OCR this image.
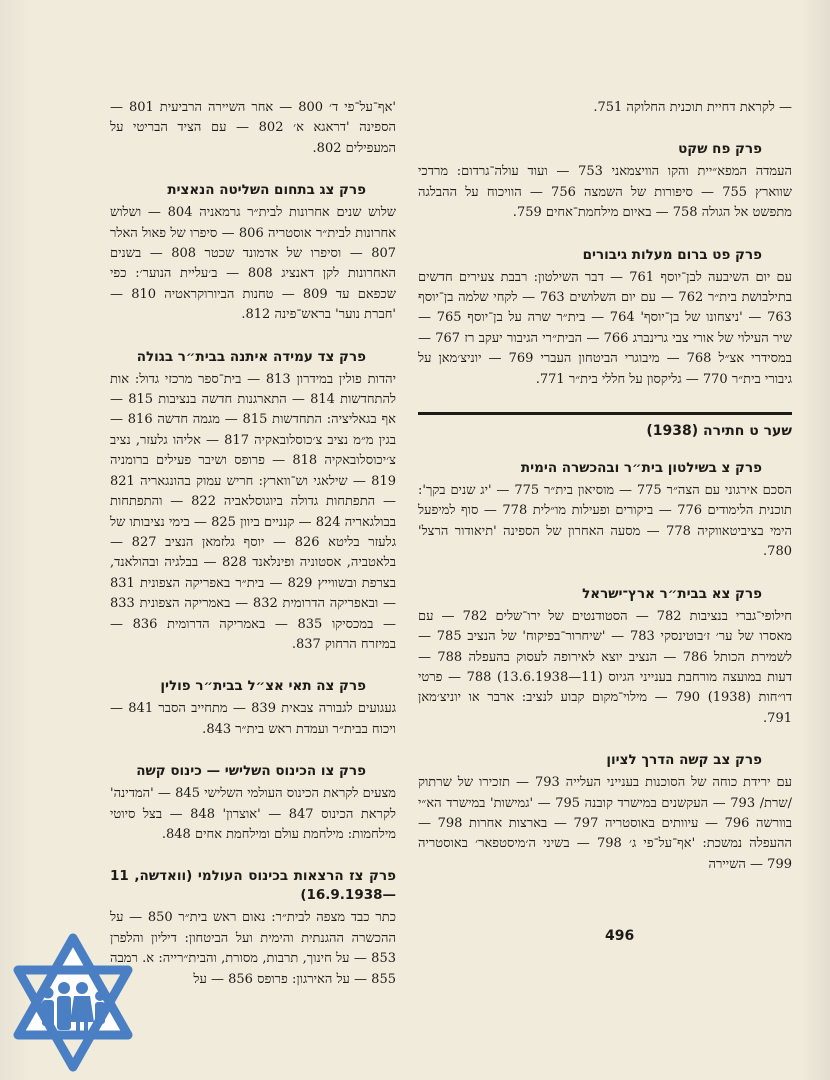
— לקראת דחיית תוכנית החלוקה 751.

פרק פח שקט

העמדה המפא״יית והקו הוויצמאני 753 — ועוד עולה־גרדום: מרדכי שווארץ 755 — סיפורות של השמצה 756 — הוויכוח על ההבלגה מתפשט אל הגולה 758 — באיום מילחמת־אחים 759.

פרק פט ברום מעלות גיבורים

עם יום השיבעה לבן־יוסף 761 — דבר השילטון: רבבת צעירים חדשים בתילבושת בית״ר 762 — עם יום השלושים 763 — לקחי שלמה בן־יוסף 763 — 'ניצחונו של בן־יוסף' 764 — בית״ר שרה על בן־יוסף 765 — שיר העילוי של אורי צבי גרינברג 766 — הבית״רי הגיבור יעקב רז 767 — במסידרי אצ״ל 768 — מיבוגרי הביטחון העברי 769 — יוניצ׳מאן על גיבורי בית״ר 770 — גליקסון על חללי בית״ר 771.

שער ט חתירה (1938)
פרק צ בשילטון בית״ר ובהכשרה הימית

הסכם אירגוני עם הצה״ר 775 — מוסיאון בית״ר 775 — 'יג שנים בקך': תוכנית הלימודים 776 — ביקורים ופעילות מו״לית 778 — סוף למיפעל הימי בציביטאווקיה 778 — מסעה האחרון של הספינה 'תיאודור הרצל' 780.

פרק צא בבית״ר ארץ־ישראל

חילופי־גברי בנציבות 782 — הסטודנטים של ירו־שלים 782 — עם מאסרו של ער׳ ז׳בוטינסקי 783 — 'שיחרור־בפיקוח' של הנציב 785 — לשמירת הכותל 786 — הנציב יוצא לאירופה לעסוק בהעפלה 788 — דעות במועצה מורחבת בענייני הגיוס (11—13.6.1938) 788 — פרטי דו״חות (1938) 790 — מילוי־מקום קבוע לנציב: ארבר או יוניצ׳מאן 791.

פרק צב קשה הדרך לציון

עם ירידת כוחה של הסוכנות בענייני העלייה 793 — תזכירו של שרתוק /שרת/ 793 — העקשנים במישרד קובנה 795 — 'גמישות' במישרד הא״י בוורשה 796 — עיוותים באוסטריה 797 — בארצות אחרות 798 — ההעפלה נמשכת: 'אף־על־פי ג׳ 798 — בשיני ה׳מיסטפאר׳ באוסטריה 799 — השיירה

'אף־על־פי ד׳ 800 — אחר השיירה הרביעית 801 — הספינה 'דראגא א׳ 802 — עם הציד הבריטי על המעפילים 802.

פרק צג בתחום השליטה הנאצית

שלוש שנים אחרונות לבית״ר גרמאניה 804 — ושלוש אחרונות לבית״ר אוסטריה 806 — סיפרו של פאול האלר 807 — וסיפרו של אדמונד שכטר 808 — בשנים האחרונות לקן דאנציג 808 — ב׳עליית הנוער׳: כפי שכפאם עד 809 — טחנות הביורוקראטיה 810 — 'חברת נוער' בראש־פינה 812.

פרק צד עמידה איתנה בבית״ר בגולה

יהדות פולין במידרון 813 — בית־ספר מרכזי גדול: אות להתחדשות 814 — התארגנות חדשה בנציבות 815 — אף בגאליציה: התחדשות 815 — מגמה חדשה 816 — בגין מ״מ נציב צ׳כוסלובאקיה 817 — אליהו גלעזר, נציב צ׳יכוסלובאקיה 818 — פרופס ושיבר פעילים ברומניה 819 — שילאגי וש־ווארץ: חריש עמוק בהונגאריה 821 — התפתחות גדולה ביוגוסלאביה 822 — והתפתחות בבולגאריה 824 — קנניים ביוון 825 — בימי נציבותו של גלעזר בליטא 826 — יוסף גלזמאן הנציב 827 — בלאטביה, אסטוניה ופינלאנד 828 — בבלגיה ובהולאנד, בצרפת ובשווייץ 829 — בית״ר באפריקה הצפונית 831 — ובאפריקה הדרומית 832 — באמריקה הצפונית 833 — במכסיקו 835 — באמריקה הדרומית 836 — במיזרח הרחוק 837.

פרק צה תאי אצ״ל בבית״ר פולין

געגועים לגבורה צבאית 839 — מתחייב הסבר 841 — ויכוח בבית״ר ועמדת ראש בית״ר 843.

פרק צו הכינוס השלישי — כינוס קשה

מצעים לקראת הכינוס העולמי השלישי 845 — 'המדינה' לקראת הכינוס 847 — 'אוצרון' 848 — בצל סיוטי מילחמות: מילחמת עולם ומילחמת אחים 848.

פרק צז הרצאות בכינוס העולמי (וואדשה, 11—16.9.1938)

כתר כבד מצפה לבית״ר: נאום ראש בית״ר 850 — על ההכשרה ההגנתית והימית ועל הביטחון: דיליון והלפרן 853 — על חינוך, תרבות, מסורת, והבית״רייה: א. רמבה 855 — על האירגון: פרופס 856 — על

496
